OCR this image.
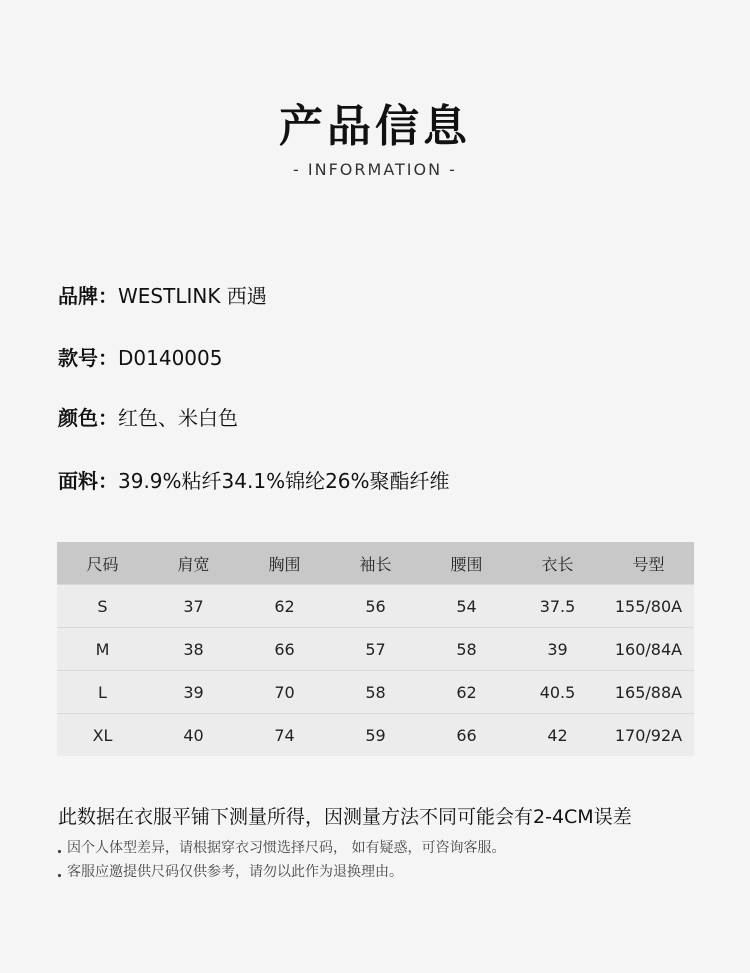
产品信息
- INFORMATION -
品牌：WESTLINK 西遇
款号：D0140005
颜色：红色、米白色
面料：39.9%粘纤34.1%锦纶26%聚酯纤维
尺码	肩宽	胸围	袖长	腰围	衣长	号型
S	37	62	56	54	37.5	155/80A
M	38	66	57	58	39	160/84A
L	39	70	58	62	40.5	165/88A
XL	40	74	59	66	42	170/92A
此数据在衣服平铺下测量所得，因测量方法不同可能会有2-4CM误差
因个人体型差异，请根据穿衣习惯选择尺码， 如有疑惑，可咨询客服。
客服应邀提供尺码仅供参考，请勿以此作为退换理由。
